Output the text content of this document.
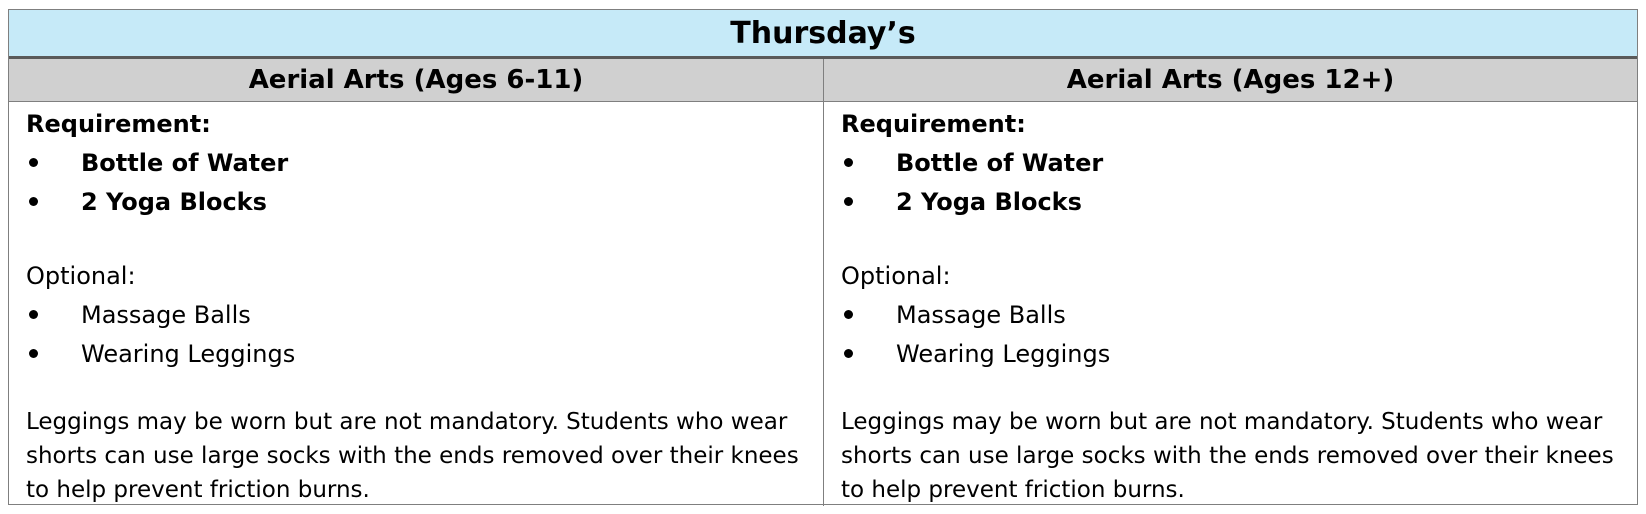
Thursday’s
Aerial Arts (Ages 6-11)	Aerial Arts (Ages 12+)
Requirement:
Bottle of Water
2 Yoga Blocks
Optional:
Massage Balls
Wearing Leggings
Leggings may be worn but are not mandatory. Students who wear shorts can use large socks with the ends removed over their knees to help prevent friction burns.
Requirement:
Bottle of Water
2 Yoga Blocks
Optional:
Massage Balls
Wearing Leggings
Leggings may be worn but are not mandatory. Students who wear shorts can use large socks with the ends removed over their knees to help prevent friction burns.
